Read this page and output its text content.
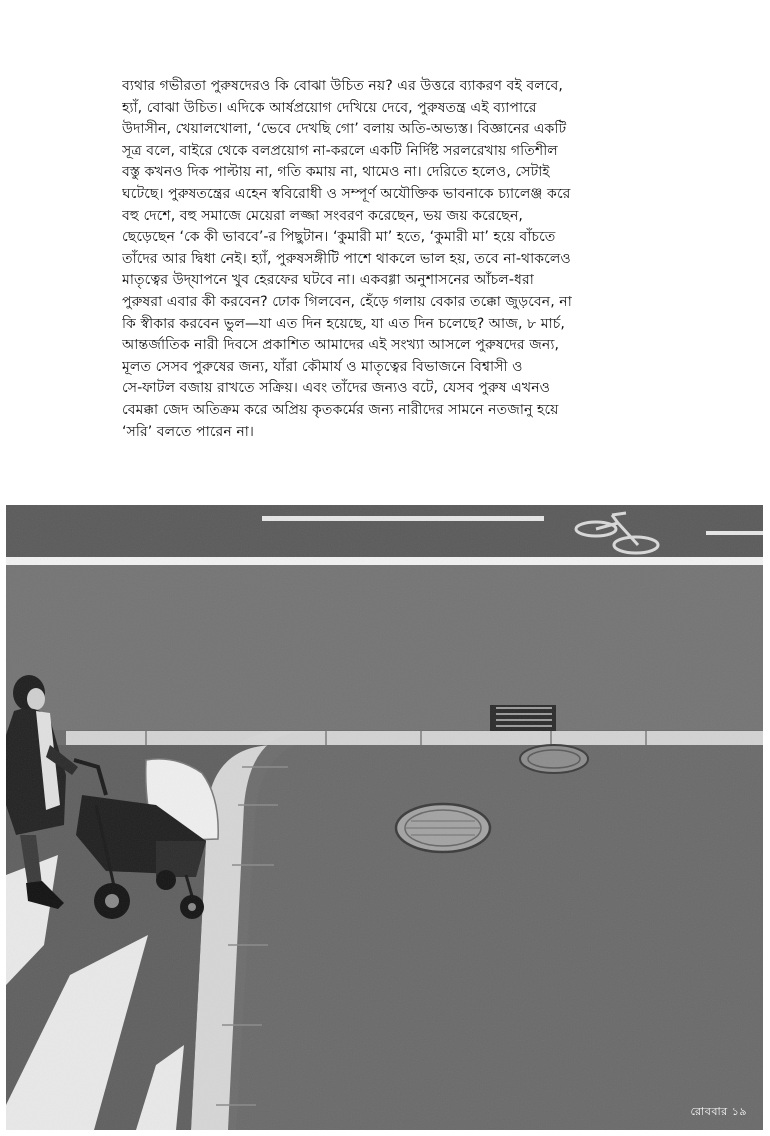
ব্যথার গভীরতা পুরুষদেরও কি বোঝা উচিত নয়? এর উত্তরে ব্যাকরণ বই বলবে,
হ্যাঁ, বোঝা উচিত। এদিকে আর্ষপ্রয়োগ দেখিয়ে দেবে, পুরুষতন্ত্র এই ব্যাপারে
উদাসীন, খেয়ালখোলা, ‘ভেবে দেখছি গো’ বলায় অতি-অভ্যস্ত। বিজ্ঞানের একটি
সূত্র বলে, বাইরে থেকে বলপ্রয়োগ না-করলে একটি নির্দিষ্ট সরলরেখায় গতিশীল
বস্তু কখনও দিক পাল্টায় না, গতি কমায় না, থামেও না। দেরিতে হলেও, সেটাই
ঘটেছে। পুরুষতন্ত্রের এহেন স্ববিরোধী ও সম্পূর্ণ অযৌক্তিক ভাবনাকে চ্যালেঞ্জ করে
বহু দেশে, বহু সমাজে মেয়েরা লজ্জা সংবরণ করেছেন, ভয় জয় করেছেন,
ছেড়েছেন ‘কে কী ভাববে’-র পিছুটান। ‘কুমারী মা’ হতে, ‘কুমারী মা’ হয়ে বাঁচতে
তাঁদের আর দ্বিধা নেই। হ্যাঁ, পুরুষসঙ্গীটি পাশে থাকলে ভাল হয়, তবে না-থাকলেও
মাতৃত্বের উদ্‌যাপনে খুব হেরফের ঘটবে না। একবগ্গা অনুশাসনের আঁচল-ধরা
পুরুষরা এবার কী করবেন? ঢোক গিলবেন, হেঁড়ে গলায় বেকার তক্কো জুড়বেন, না
কি স্বীকার করবেন ভুল—যা এত দিন হয়েছে, যা এত দিন চলেছে? আজ, ৮ মার্চ,
আন্তর্জাতিক নারী দিবসে প্রকাশিত আমাদের এই সংখ্যা আসলে পুরুষদের জন্য,
মূলত সেসব পুরুষের জন্য, যাঁরা কৌমার্য ও মাতৃত্বের বিভাজনে বিশ্বাসী ও
সে-ফাটল বজায় রাখতে সক্রিয়। এবং তাঁদের জন্যও বটে, যেসব পুরুষ এখনও
বেমক্কা জেদ অতিক্রম করে অপ্রিয় কৃতকর্মের জন্য নারীদের সামনে নতজানু হয়ে
‘সরি’ বলতে পারেন না।
রোববার ১৯
